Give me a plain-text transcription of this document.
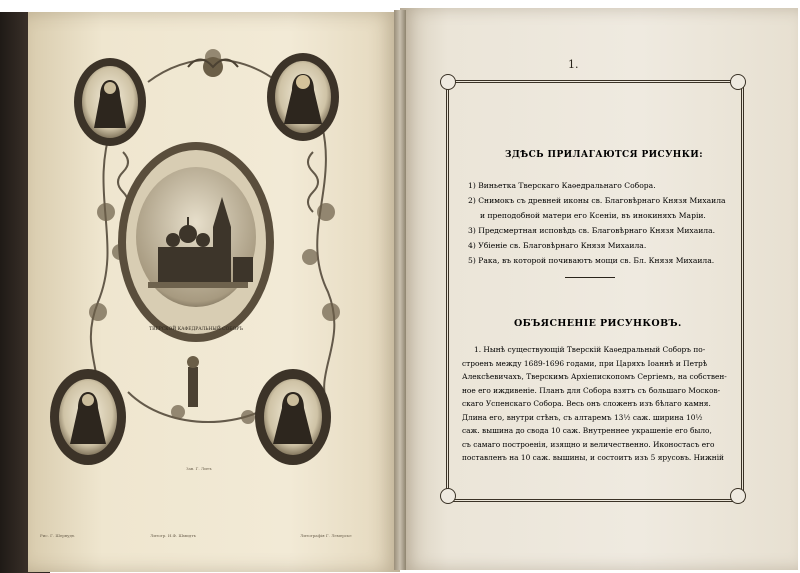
ТВЕРСКОЙ КАФЕДРАЛЬНЫЙ СОБОРЪ
Зав. Г. Литъ
Рис. Г. Шервудъ	Литогр. И.Ф. Шмидтъ	Литографія Г. Лемерсье
1.
ЗДѢСЬ ПРИЛАГАЮТСЯ РИСУНКИ:
1) Виньетка Тверскаго Каѳедральнаго Собора.
2) Снимокъ съ древней иконы св. Благовѣрнаго Князя Михаила
и преподобной матери его Ксеніи, въ инокиняхъ Маріи.
3) Предсмертная исповѣдь св. Благовѣрнаго Князя Михаила.
4) Убіеніе св. Благовѣрнаго Князя Михаила.
5) Рака, въ которой почиваютъ мощи св. Бл. Князя Михаила.
ОБЪЯСНЕНІЕ РИСУНКОВЪ.
1. Нынѣ существующій Тверскій Каѳедральный Соборъ по-
строенъ между 1689-1696 годами, при Царяхъ Іоаннѣ и Петрѣ
Алексѣевичахъ, Тверскимъ Архіепископомъ Сергіемъ, на собствен-
ное его иждивеніе. Планъ для Собора взятъ съ большаго Москов-
скаго Успенскаго Собора. Весь онъ сложенъ изъ бѣлаго камня.
Длина его, внутри стѣнъ, съ алтаремъ 13½ саж. ширина 10½
саж. вышина до свода 10 саж. Внутреннее украшеніе его было,
съ самаго построенія, изящно и величественно. Иконостасъ его
поставленъ на 10 саж. вышины, и состоитъ изъ 5 ярусовъ. Нижній
